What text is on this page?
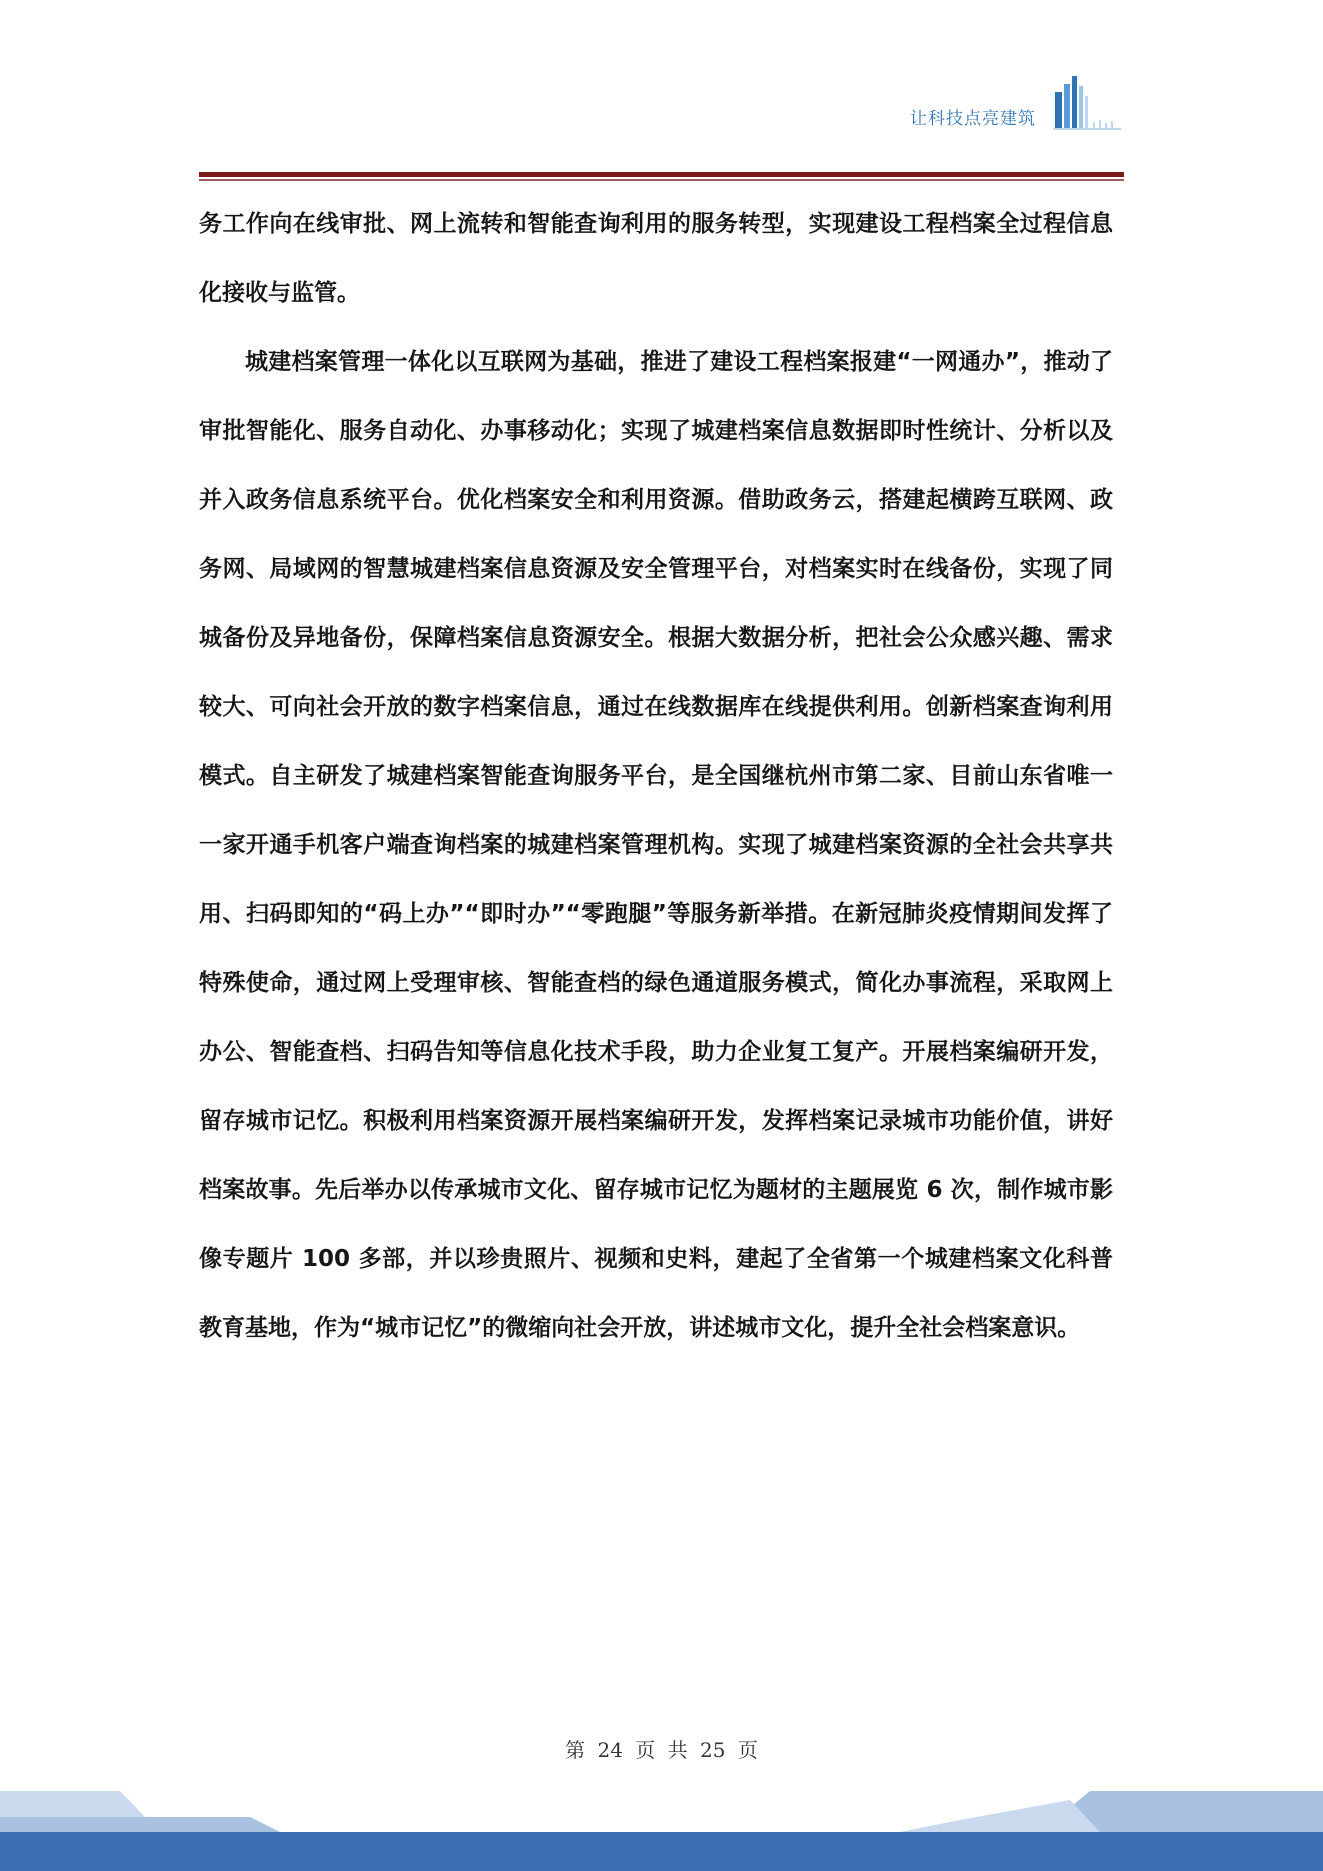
让科技点亮建筑

务工作向在线审批、网上流转和智能查询利用的服务转型，实现建设工程档案全过程信息化接收与监管。

城建档案管理一体化以互联网为基础，推进了建设工程档案报建“一网通办”，推动了审批智能化、服务自动化、办事移动化；实现了城建档案信息数据即时性统计、分析以及并入政务信息系统平台。优化档案安全和利用资源。借助政务云，搭建起横跨互联网、政务网、局域网的智慧城建档案信息资源及安全管理平台，对档案实时在线备份，实现了同城备份及异地备份，保障档案信息资源安全。根据大数据分析，把社会公众感兴趣、需求较大、可向社会开放的数字档案信息，通过在线数据库在线提供利用。创新档案查询利用模式。自主研发了城建档案智能查询服务平台，是全国继杭州市第二家、目前山东省唯一一家开通手机客户端查询档案的城建档案管理机构。实现了城建档案资源的全社会共享共用、扫码即知的“码上办”“即时办”“零跑腿”等服务新举措。在新冠肺炎疫情期间发挥了特殊使命，通过网上受理审核、智能查档的绿色通道服务模式，简化办事流程，采取网上办公、智能查档、扫码告知等信息化技术手段，助力企业复工复产。开展档案编研开发，留存城市记忆。积极利用档案资源开展档案编研开发，发挥档案记录城市功能价值，讲好档案故事。先后举办以传承城市文化、留存城市记忆为题材的主题展览 6 次，制作城市影像专题片 100 多部，并以珍贵照片、视频和史料，建起了全省第一个城建档案文化科普教育基地，作为“城市记忆”的微缩向社会开放，讲述城市文化，提升全社会档案意识。

第 24 页 共 25 页
